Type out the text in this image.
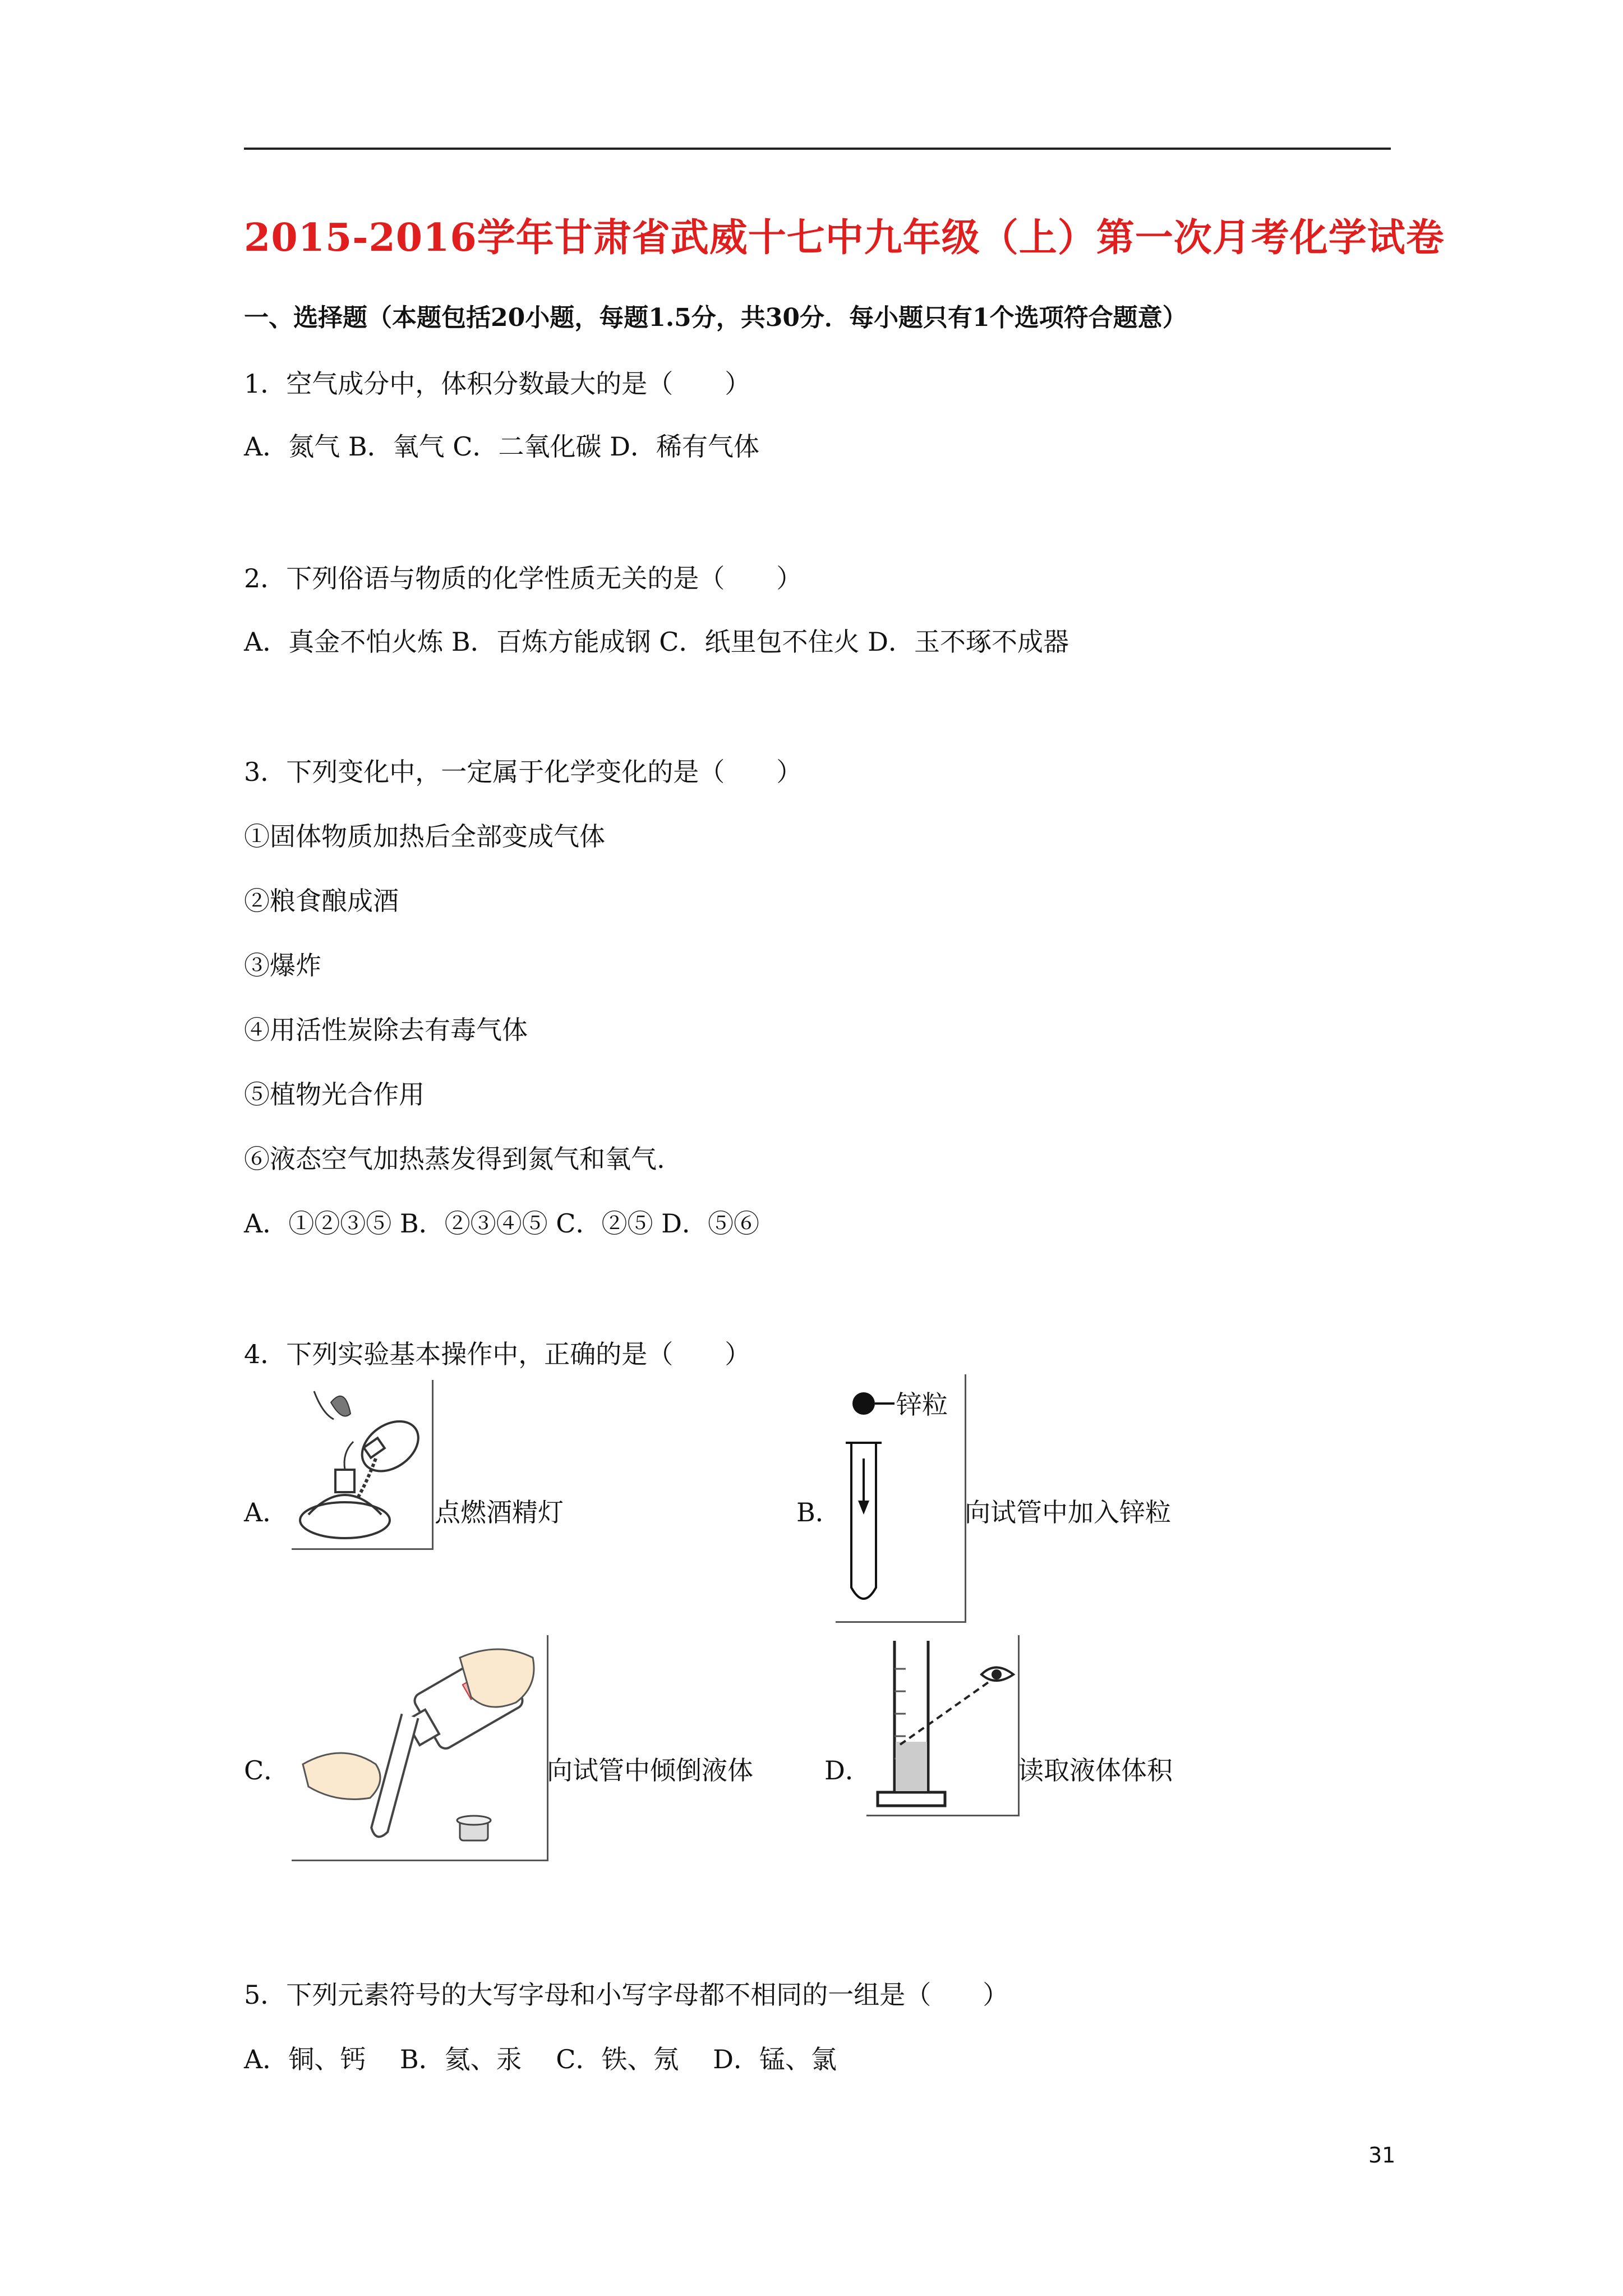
2015-2016学年甘肃省武威十七中九年级（上）第一次月考化学试卷
一、选择题（本题包括20小题，每题1.5分，共30分．每小题只有1个选项符合题意）
1．空气成分中，体积分数最大的是（　　）
A．氮气 B．氧气 C．二氧化碳 D．稀有气体
2．下列俗语与物质的化学性质无关的是（　　）
A．真金不怕火炼 B．百炼方能成钢 C．纸里包不住火 D．玉不琢不成器
3．下列变化中，一定属于化学变化的是（　　）
①固体物质加热后全部变成气体
②粮食酿成酒
③爆炸
④用活性炭除去有毒气体
⑤植物光合作用
⑥液态空气加热蒸发得到氮气和氧气.
A．①②③⑤ B．②③④⑤ C．②⑤ D．⑤⑥
4．下列实验基本操作中，正确的是（　　）
A．	点燃酒精灯	B．
锌粒
向试管中加入锌粒
C．	向试管中倾倒液体	D．	读取液体体积
5．下列元素符号的大写字母和小写字母都不相同的一组是（　　）
A．铜、钙　 B．氦、汞　 C．铁、氖　 D．锰、氯
31
